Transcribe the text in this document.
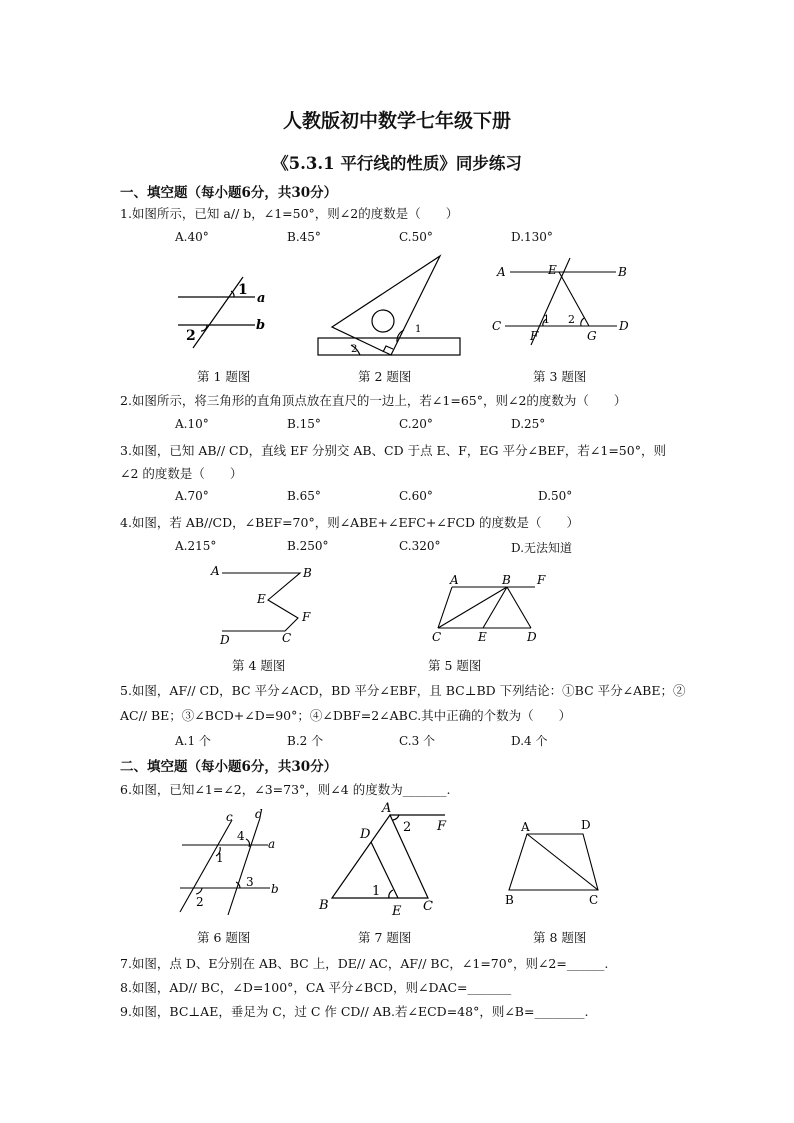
人教版初中数学七年级下册
《5.3.1 平行线的性质》同步练习
一、填空题（每小题6分，共30分）
1.如图所示，已知 a// b，∠1=50°，则∠2的度数是（　　）
A.40°	B.45°	C.50°	D.130°
1
2
a
b	1
2
A	E	B
C	1 2
G
D
F
第 1 题图	第 2 题图	第 3 题图
2.如图所示，将三角形的直角顶点放在直尺的一边上，若∠1=65°，则∠2的度数为（　　）
A.10°	B.15°	C.20°	D.25°
3.如图，已知 AB// CD，直线 EF 分别交 AB、CD 于点 E、F，EG 平分∠BEF，若∠1=50°，则
∠2 的度数是（　　）
A.70°	B.65°	C.60°	D.50°
4.如图，若 AB//CD，∠BEF=70°，则∠ABE+∠EFC+∠FCD 的度数是（　　）
A.215°	B.250°	C.320°	D.无法知道
A	B
E
F
D	C
A	B F
C	E	D
第 4 题图	第 5 题图
5.如图，AF// CD，BC 平分∠ACD，BD 平分∠EBF，且 BC⊥BD 下列结论：①BC 平分∠ABE；②
AC// BE；③∠BCD+∠D=90°；④∠DBF=2∠ABC.其中正确的个数为（　　）
A.1 个	B.2 个	C.3 个	D.4 个
二、填空题（每小题6分，共30分）
6.如图，已知∠1=∠2，∠3=73°，则∠4 的度数为_______.
c d
4
a
1
3 b
2
A
2 F
D
1
B	E C
A	D
B	C
第 6 题图	第 7 题图	第 8 题图
7.如图，点 D、E分别在 AB、BC 上，DE// AC，AF// BC，∠1=70°，则∠2=______.
8.如图，AD// BC，∠D=100°，CA 平分∠BCD，则∠DAC=_______
9.如图，BC⊥AE，垂足为 C，过 C 作 CD// AB.若∠ECD=48°，则∠B=________.
